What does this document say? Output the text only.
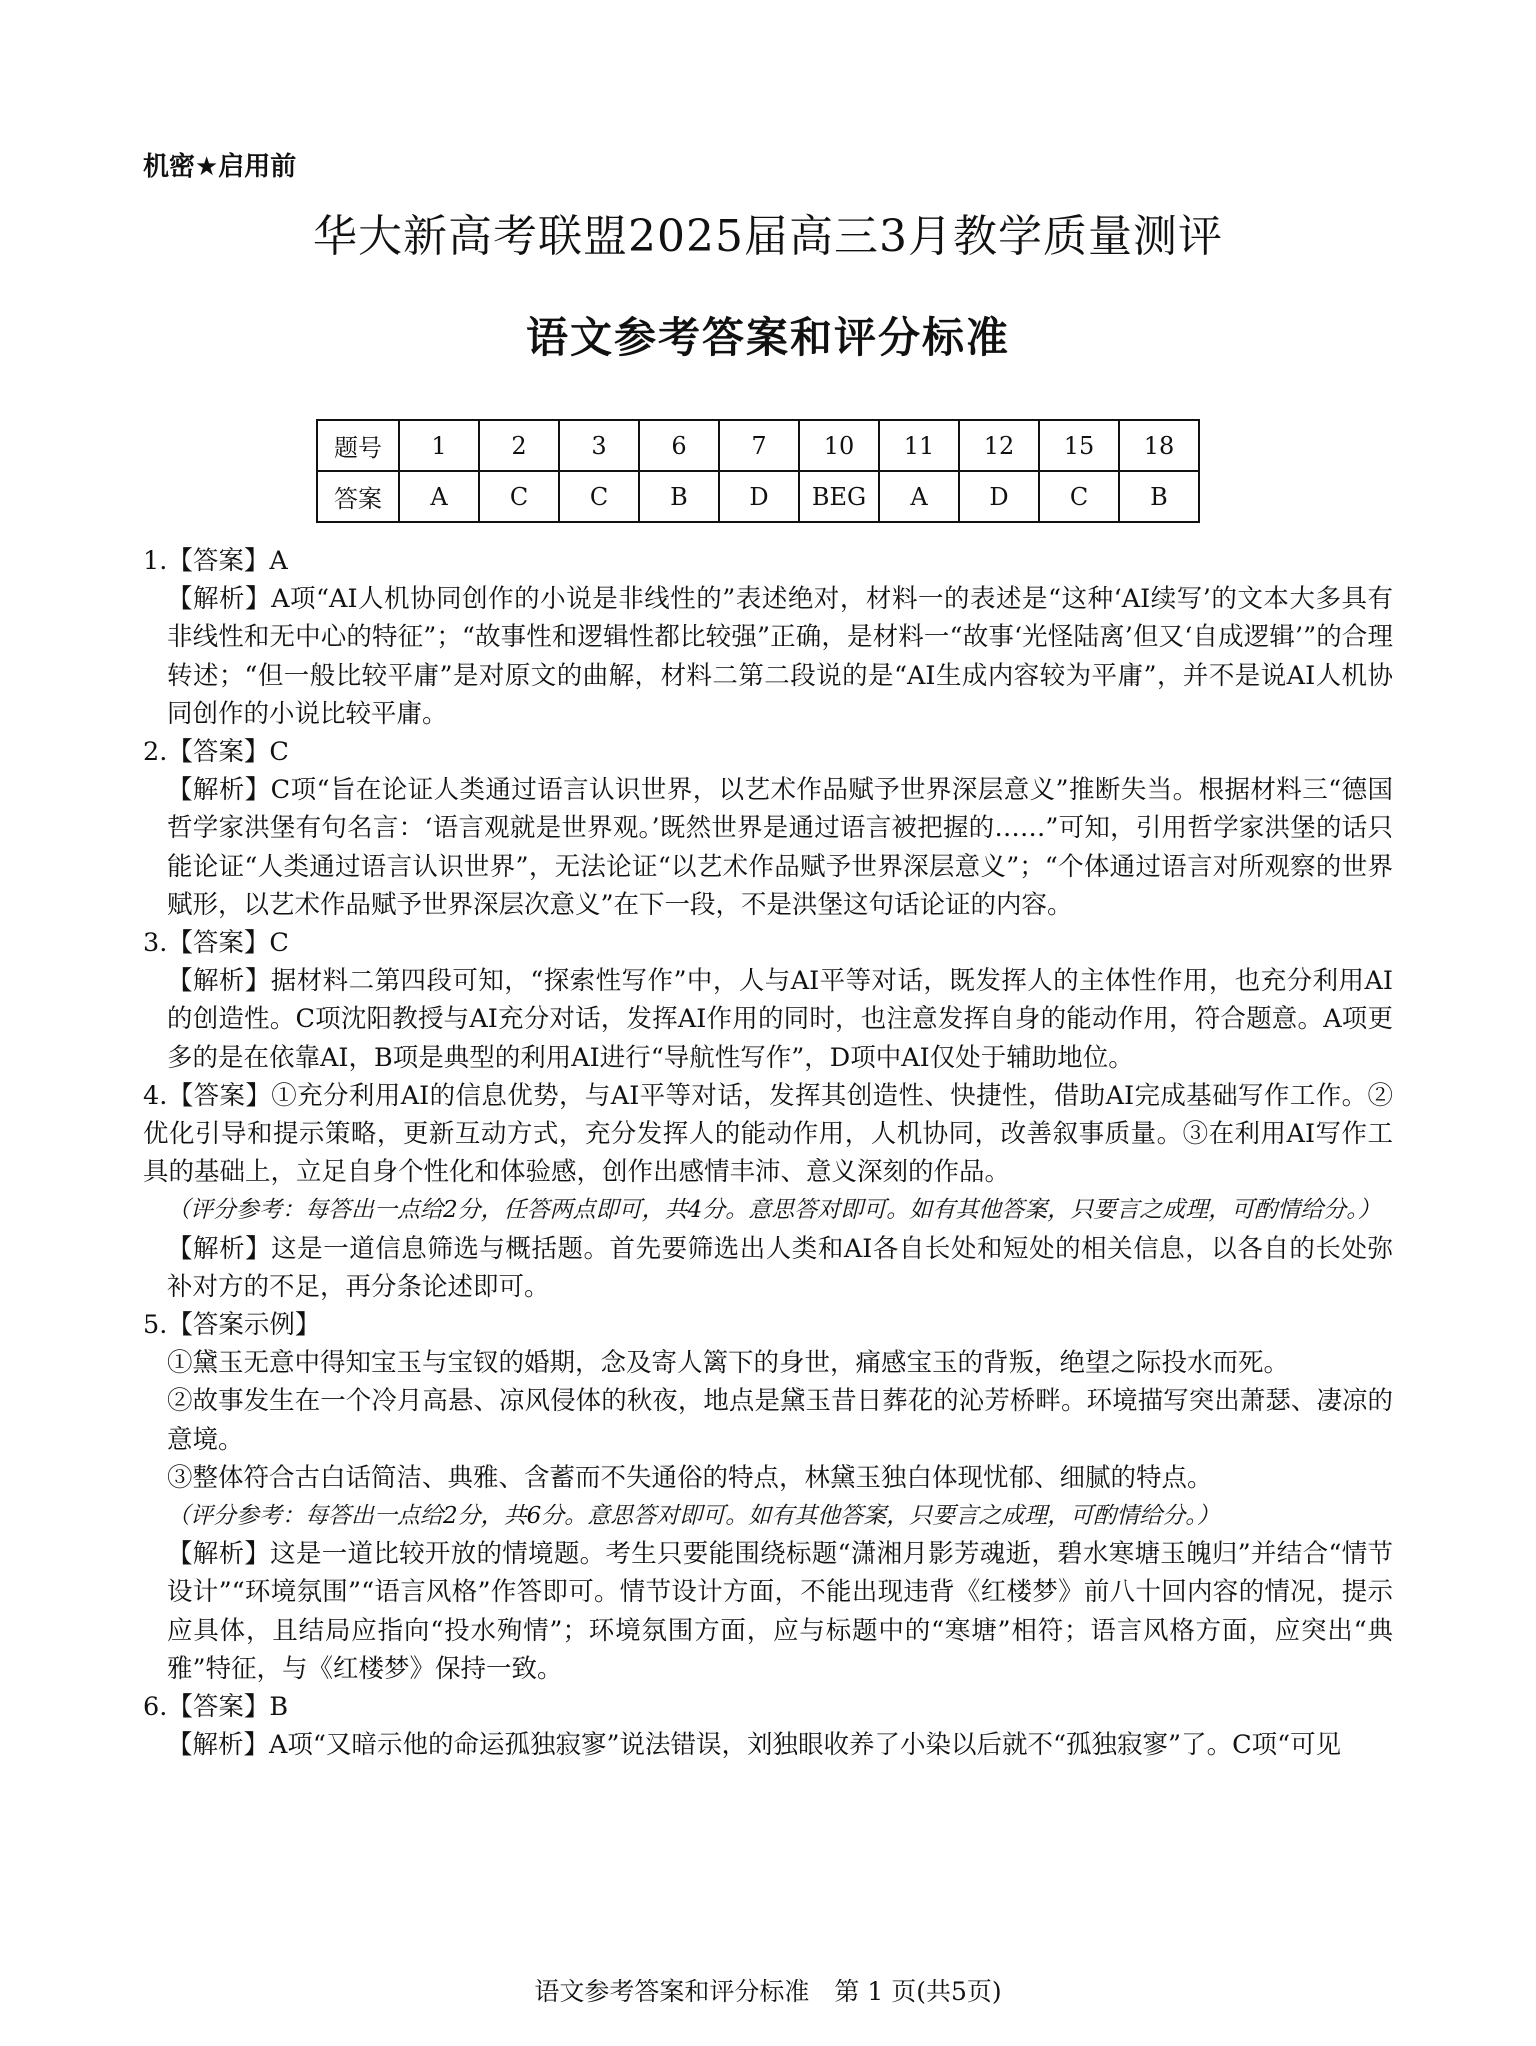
机密★启用前
华大新高考联盟2025届高三3月教学质量测评
语文参考答案和评分标准
题号	1	2	3	6	7	10	11	12	15	18
答案	A	C	C	B	D	BEG	A	D	C	B

1.【答案】A

【解析】A项“AI人机协同创作的小说是非线性的”表述绝对，材料一的表述是“这种‘AI续写’的文本大多具有非线性和无中心的特征”；“故事性和逻辑性都比较强”正确，是材料一“故事‘光怪陆离’但又‘自成逻辑’”的合理转述；“但一般比较平庸”是对原文的曲解，材料二第二段说的是“AI生成内容较为平庸”，并不是说AI人机协同创作的小说比较平庸。

2.【答案】C

【解析】C项“旨在论证人类通过语言认识世界，以艺术作品赋予世界深层意义”推断失当。根据材料三“德国哲学家洪堡有句名言：‘语言观就是世界观。’既然世界是通过语言被把握的……”可知，引用哲学家洪堡的话只能论证“人类通过语言认识世界”，无法论证“以艺术作品赋予世界深层意义”；“个体通过语言对所观察的世界赋形，以艺术作品赋予世界深层次意义”在下一段，不是洪堡这句话论证的内容。

3.【答案】C

【解析】据材料二第四段可知，“探索性写作”中，人与AI平等对话，既发挥人的主体性作用，也充分利用AI的创造性。C项沈阳教授与AI充分对话，发挥AI作用的同时，也注意发挥自身的能动作用，符合题意。A项更多的是在依靠AI，B项是典型的利用AI进行“导航性写作”，D项中AI仅处于辅助地位。

4.【答案】①充分利用AI的信息优势，与AI平等对话，发挥其创造性、快捷性，借助AI完成基础写作工作。②优化引导和提示策略，更新互动方式，充分发挥人的能动作用，人机协同，改善叙事质量。③在利用AI写作工具的基础上，立足自身个性化和体验感，创作出感情丰沛、意义深刻的作品。

（评分参考：每答出一点给2分，任答两点即可，共4分。意思答对即可。如有其他答案，只要言之成理，可酌情给分。）

【解析】这是一道信息筛选与概括题。首先要筛选出人类和AI各自长处和短处的相关信息，以各自的长处弥补对方的不足，再分条论述即可。

5.【答案示例】

①黛玉无意中得知宝玉与宝钗的婚期，念及寄人篱下的身世，痛感宝玉的背叛，绝望之际投水而死。

②故事发生在一个冷月高悬、凉风侵体的秋夜，地点是黛玉昔日葬花的沁芳桥畔。环境描写突出萧瑟、凄凉的意境。

③整体符合古白话简洁、典雅、含蓄而不失通俗的特点，林黛玉独白体现忧郁、细腻的特点。

（评分参考：每答出一点给2分，共6分。意思答对即可。如有其他答案，只要言之成理，可酌情给分。）

【解析】这是一道比较开放的情境题。考生只要能围绕标题“潇湘月影芳魂逝，碧水寒塘玉魄归”并结合“情节设计”“环境氛围”“语言风格”作答即可。情节设计方面，不能出现违背《红楼梦》前八十回内容的情况，提示应具体，且结局应指向“投水殉情”；环境氛围方面，应与标题中的“寒塘”相符；语言风格方面，应突出“典雅”特征，与《红楼梦》保持一致。

6.【答案】B

【解析】A项“又暗示他的命运孤独寂寥”说法错误，刘独眼收养了小染以后就不“孤独寂寥”了。C项“可见

语文参考答案和评分标准　第 1 页(共5页)
